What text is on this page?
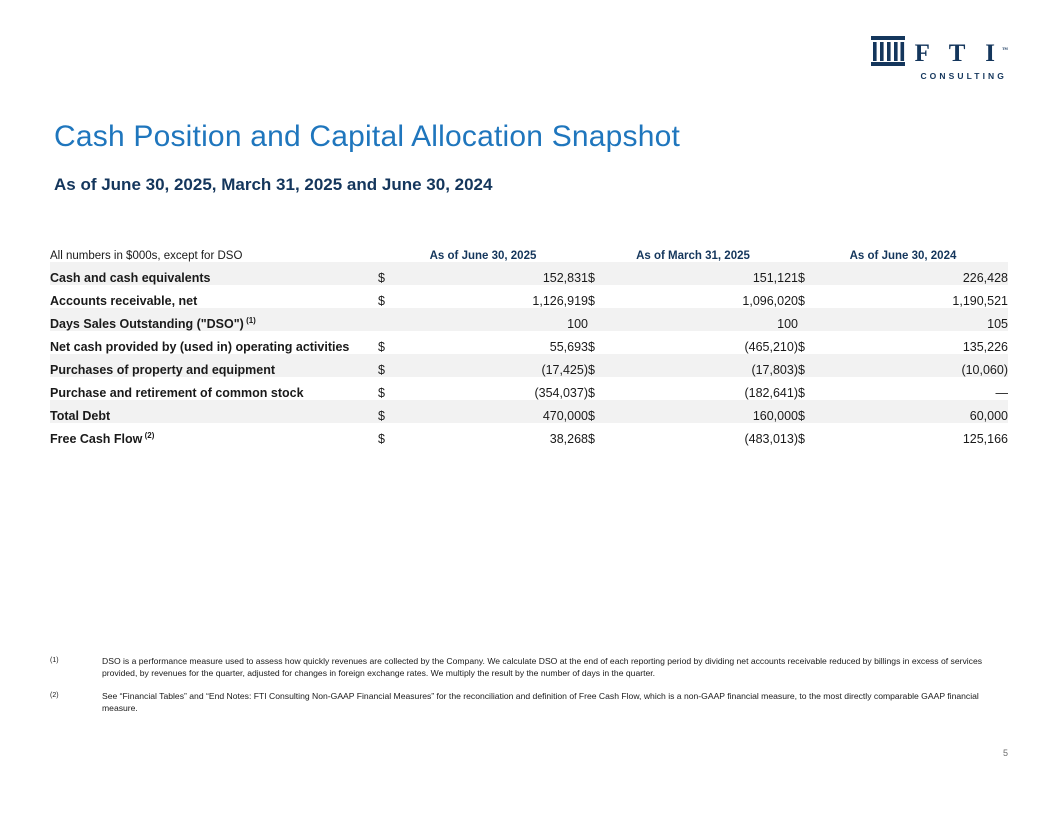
F T I™
CONSULTING
Cash Position and Capital Allocation Snapshot
As of June 30, 2025, March 31, 2025 and June 30, 2024
All numbers in $000s, except for DSO	As of June 30, 2025		As of March 31, 2025		As of June 30, 2024	
Cash and cash equivalents	$	152,831	$	151,121	$	226,428
Accounts receivable, net	$	1,126,919	$	1,096,020	$	1,190,521
Days Sales Outstanding ("DSO") $^{(1)}$		100		100		105
Net cash provided by (used in) operating activities	$	55,693	$	(465,210)	$	135,226
Purchases of property and equipment	$	(17,425)	$	(17,803)	$	(10,060)
Purchase and retirement of common stock	$	(354,037)	$	(182,641)	$	—
Total Debt	$	470,000	$	160,000	$	60,000
Free Cash Flow $^{(2)}$	$	38,268	$	(483,013)	$	125,166
(1)	DSO is a performance measure used to assess how quickly revenues are collected by the Company. We calculate DSO at the end of each reporting period by dividing net accounts receivable reduced by billings in excess of services provided, by revenues for the quarter, adjusted for changes in foreign exchange rates. We multiply the result by the number of days in the quarter.
(2)	See “Financial Tables” and “End Notes: FTI Consulting Non-GAAP Financial Measures” for the reconciliation and definition of Free Cash Flow, which is a non-GAAP financial measure, to the most directly comparable GAAP financial measure.
5
